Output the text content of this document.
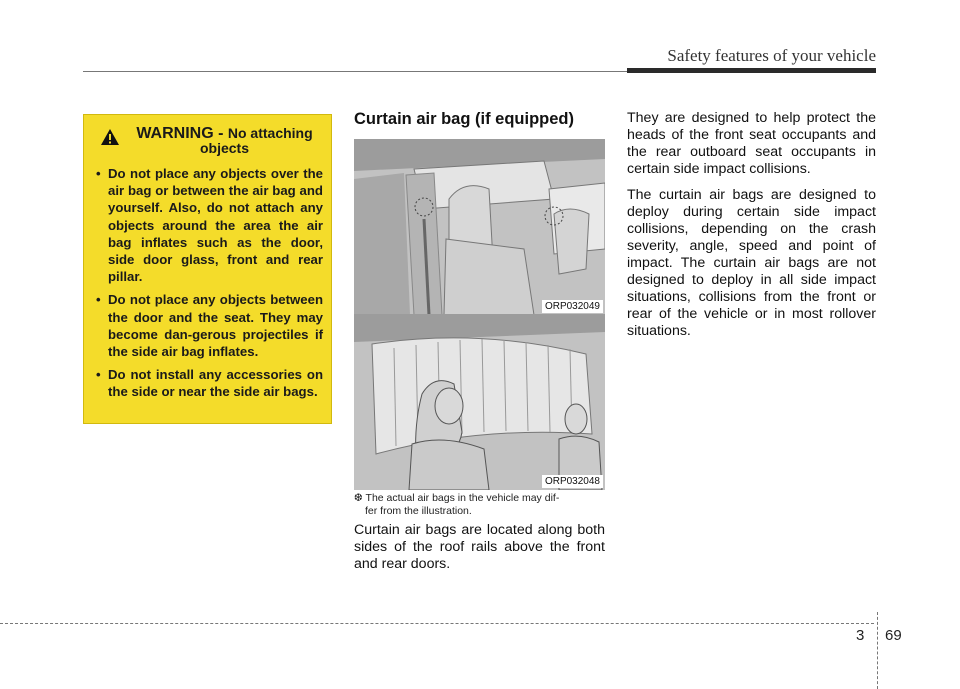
Safety features of your vehicle
WARNING - No attaching
objects
• Do not place any objects over the air bag or between the air bag and yourself. Also, do not attach any objects around the area the air bag inflates such as the door, side door glass, front and rear pillar.
• Do not place any objects between the door and the seat. They may become dan-gerous projectiles if the side air bag inflates.
• Do not install any accessories on the side or near the side air bags.
Curtain air bag (if equipped)
ORP032049
ORP032048
❆ The actual air bags in the vehicle may dif-
fer from the illustration.
Curtain air bags are located along both sides of the roof rails above the front and rear doors.

They are designed to help protect the heads of the front seat occupants and the rear outboard seat occupants in certain side impact collisions.

The curtain air bags are designed to deploy during certain side impact collisions, depending on the crash severity, angle, speed and point of impact. The curtain air bags are not designed to deploy in all side impact situations, collisions from the front or rear of the vehicle or in most rollover situations.

3 69
